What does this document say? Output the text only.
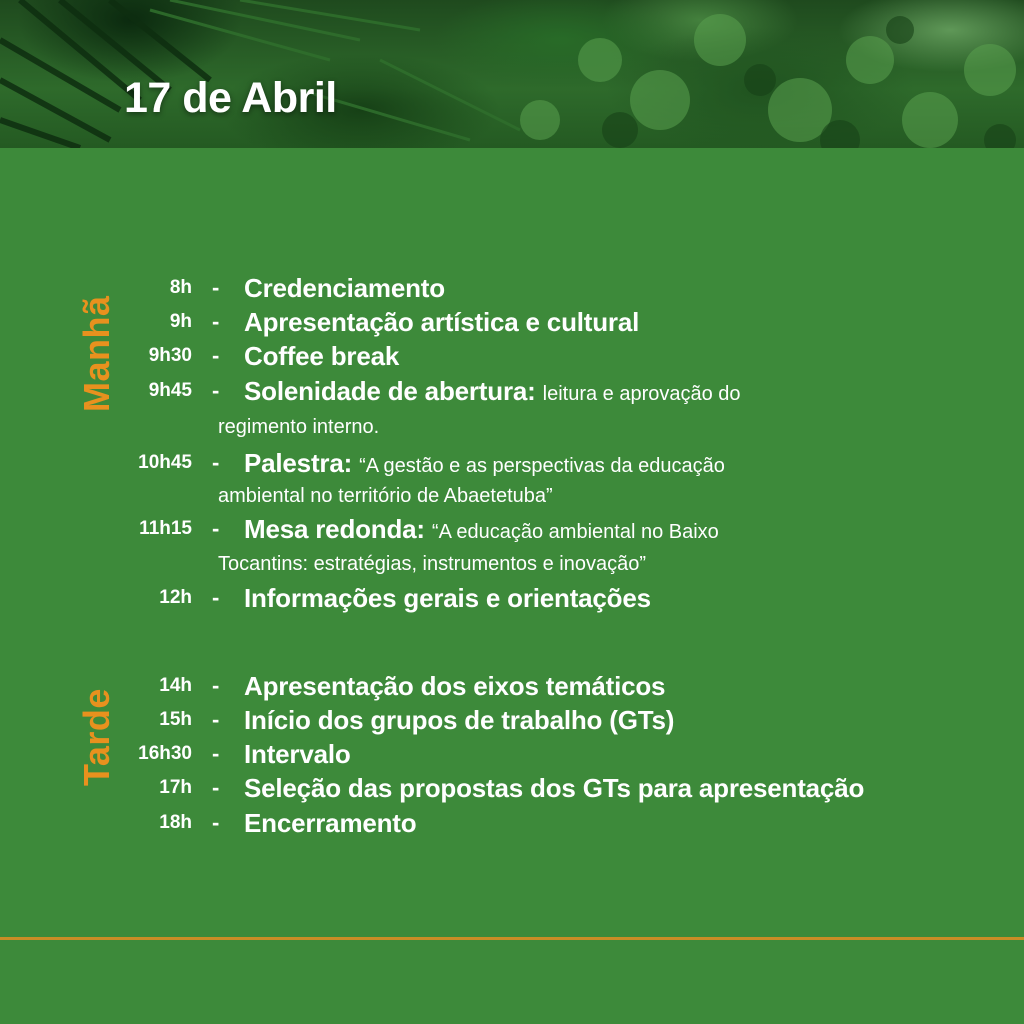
17 de Abril
Manhã
Tarde
8h - Credenciamento
9h - Apresentação artística e cultural
9h30 - Coffee break
9h45 - Solenidade de abertura: leitura e aprovação do
regimento interno.
10h45 - Palestra: “A gestão e as perspectivas da educação
ambiental no território de Abaetetuba”
11h15 - Mesa redonda: “A educação ambiental no Baixo
Tocantins: estratégias, instrumentos e inovação”
12h - Informações gerais e orientações
14h - Apresentação dos eixos temáticos
15h - Início dos grupos de trabalho (GTs)
16h30 - Intervalo
17h - Seleção das propostas dos GTs para apresentação
18h - Encerramento
